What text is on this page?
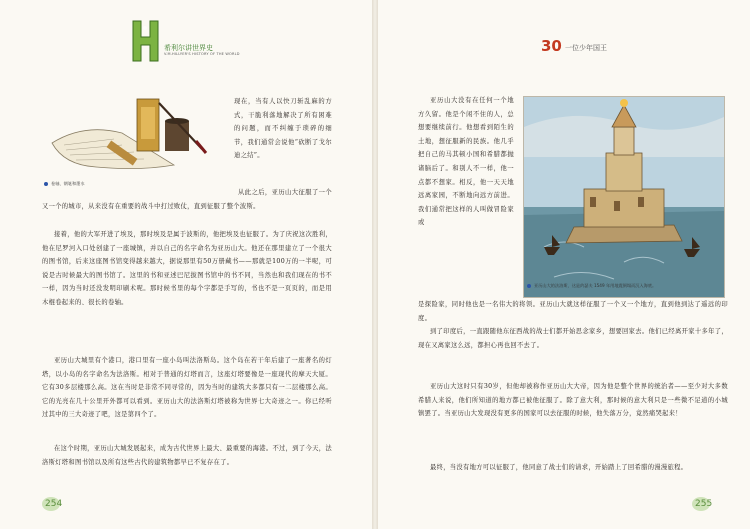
希利尔讲世界史
V.M.HILLYER'S HISTORY OF THE WORLD
卷轴、钢笔和墨水

现在，当有人以快刀斩乱麻的方式，干脆利落地解决了所有困难的问题，而不纠缠于琐碎的细节，我们通常会说他“砍断了戈尔迪之结”。

从此之后，亚历山大征服了一个又一个的城市，从来没有在重要的战斗中打过败仗，直到征服了整个波斯。

接着，他的大军开进了埃及，那时埃及是属于波斯的，他把埃及也征服了。为了庆祝这次胜利，他在尼罗河入口处创建了一座城镇，并以自己的名字命名为亚历山大。他还在那里建立了一个很大的图书馆，后来这座图书馆变得越来越大，据说那里有50万册藏书——那就是100万的一半呢，可说是古时候最大的图书馆了。这里的书和亚述巴尼拔图书馆中的书不同，当然也和我们现在的书不一样，因为当时还没发明印刷术呢。那时候书里的每个字都是手写的，书也不是一页页的，而是用木棍卷起来的、很长的卷轴。

亚历山大城里有个港口，港口里有一座小岛叫法洛斯岛。这个岛在若干年后建了一座著名的灯塔，以小岛的名字命名为法洛斯。相对于普通的灯塔而言，这座灯塔要像是一座现代的摩天大厦。它有30多层楼那么高。这在当时是非常不同寻常的，因为当时的建筑大多都只有一二层楼那么高。它的光亮在几十公里开外都可以看到。亚历山大的法洛斯灯塔被称为世界七大奇迹之一。你已经听过其中的三大奇迹了吧，这是第四个了。

在这个时期，亚历山大城发展起来，成为古代世界上最大、最重要的海港。不过，到了今天，法洛斯灯塔和图书馆以及所有这些古代的建筑物都早已不复存在了。

254
30 一位少年国王

亚历山大没有在任何一个地方久留。他是个闲不住的人，总想要继续前行。他想看到陌生的土地，想征服新的民族。他几乎把自己的马其顿小国和希腊都抛诸脑后了。和别人不一样，他一点都不想家。相反，他一天天地远离家园，不断地向远方前进。我们通常把这样的人叫做冒险家或

亚历山大的法洛斯，这是约瑟夫 1549 年用地震倒塌而沉入海底。

是探险家，同时他也是一名伟大的将领。亚历山大就这样征服了一个又一个地方，直到他到达了遥远的印度。

到了印度后，一直跟随他东征西战的战士们都开始思念家乡，想要回家去。他们已经离开家十多年了，现在又离家这么远，都担心再也回不去了。

亚历山大这时只有30岁，但他却被称作亚历山大大帝，因为他是整个世界的统治者——至少对大多数希腊人来说，他们所知道的地方都已被他征服了。除了意大利，那时候的意大利只是一些微不足道的小城镇罢了。当亚历山大发现没有更多的国家可以去征服的时候，他失落万分，竟然痛哭起来！

最终，当没有地方可以征服了，他同意了战士们的请求，开始踏上了回希腊的漫漫旅程。

255
